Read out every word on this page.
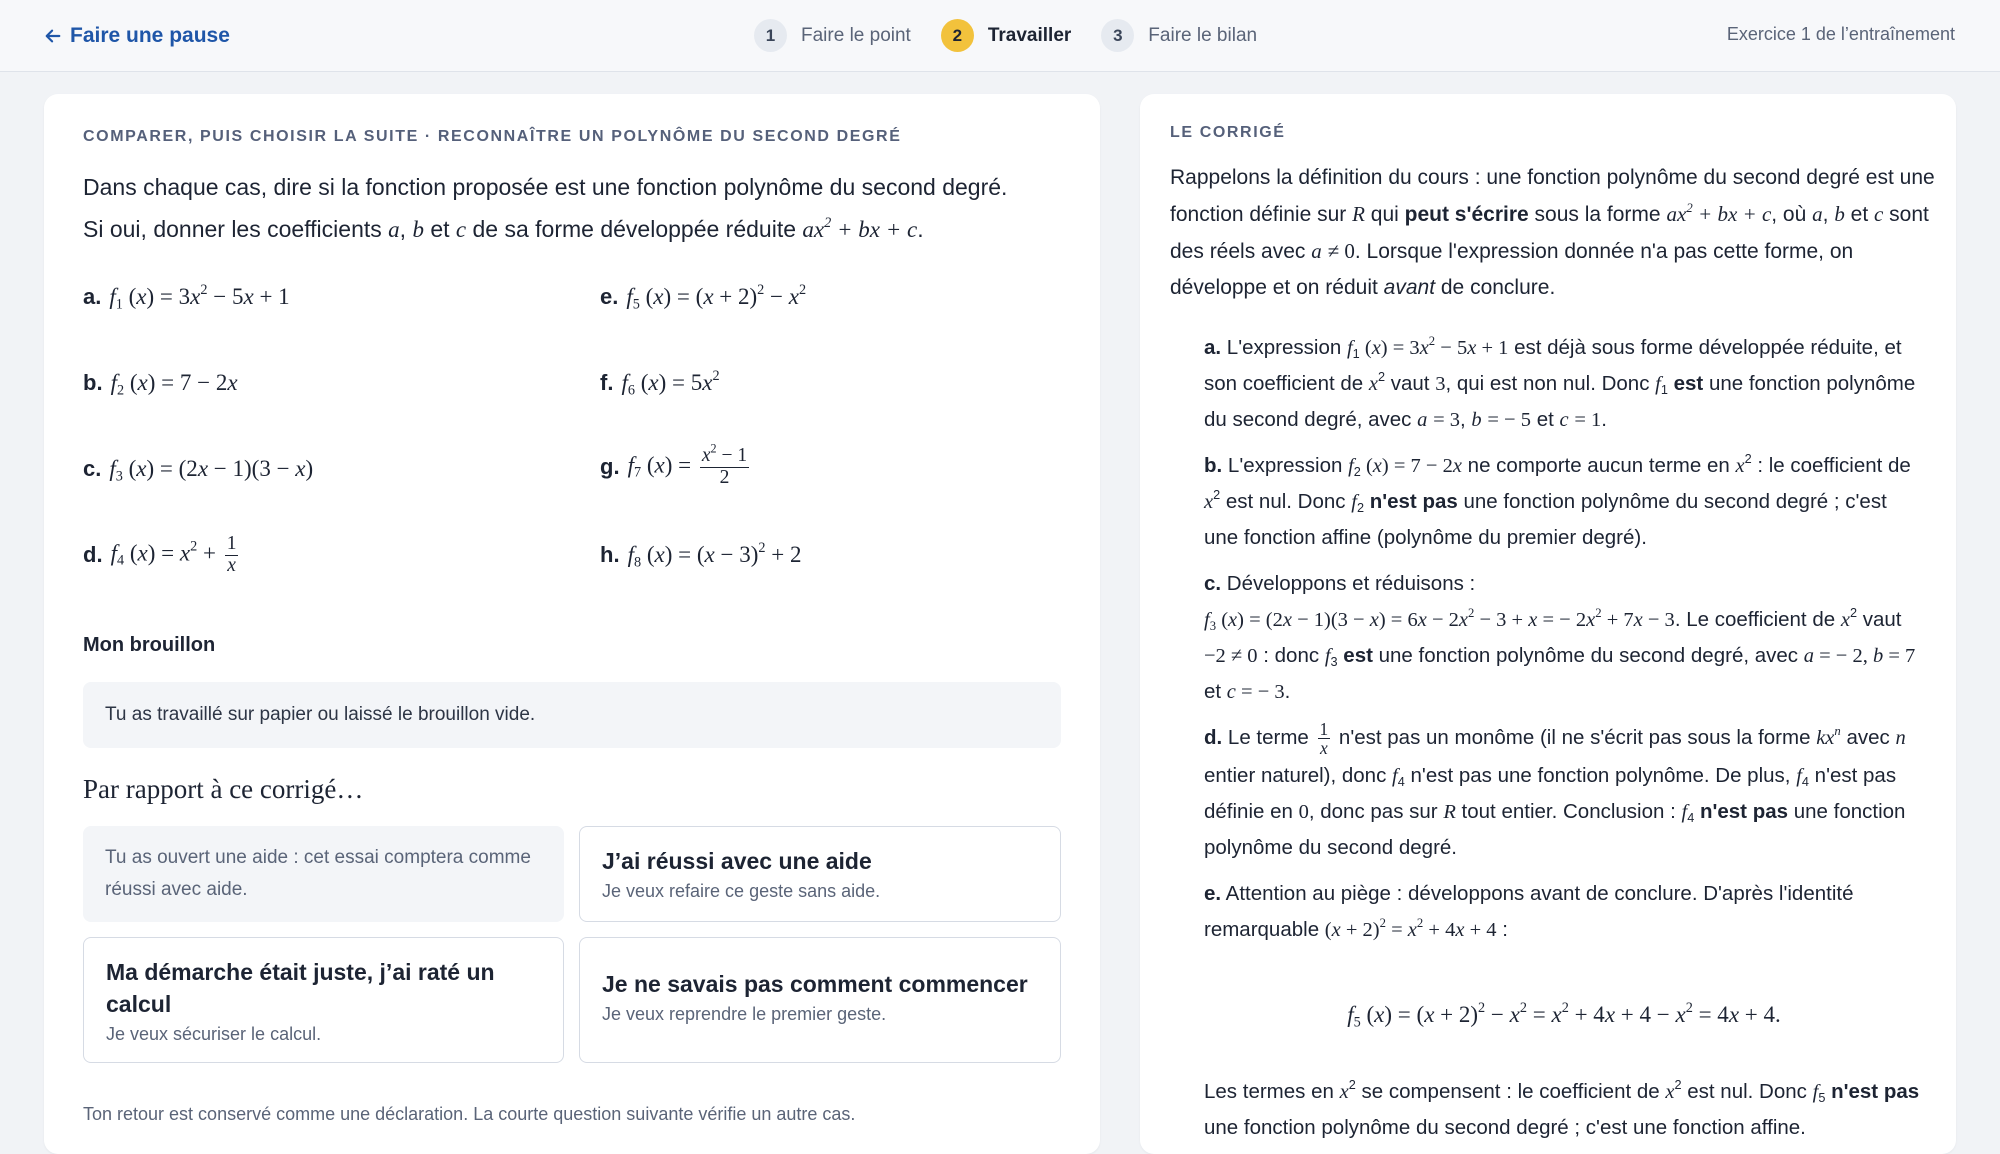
Faire une pause	1	Faire le point	2	Travailler	3	Faire le bilan	Exercice 1 de l’entraînement
COMPARER, PUIS CHOISIR LA SUITE · RECONNAÎTRE UN POLYNÔME DU SECOND DEGRÉ
Dans chaque cas, dire si la fonction proposée est une fonction polynôme du second degré.
Si oui, donner les coefficients a, b et c de sa forme développée réduite $ax^2$ + bx + c.
a. $f_1$ $(x) = 3x^2 - 5x + 1$
b. $f_2$ (x) = 7 − 2x
c. $f_3$ (x) = (2x − 1)(3 − x)
d. $f_4$ $(x) = x^2 + \frac{1}{x}$
e. $f_5$ $(x) = (x + 2)^2 - x^2$
f. $f_6$ $(x) = 5x^2$
g. $f_7$ $(x) = \frac{x^2 - 1}{2}$
h. $f_8$ $(x) = (x - 3)^2 + 2$
Mon brouillon
Tu as travaillé sur papier ou laissé le brouillon vide.
Par rapport à ce corrigé…
Tu as ouvert une aide : cet essai comptera comme réussi avec aide.
J’ai réussi avec une aide
Je veux refaire ce geste sans aide.
Ma démarche était juste, j’ai raté un calcul
Je veux sécuriser le calcul.
Je ne savais pas comment commencer
Je veux reprendre le premier geste.
Ton retour est conservé comme une déclaration. La courte question suivante vérifie un autre cas.
LE CORRIGÉ
Rappelons la définition du cours : une fonction polynôme du second degré est une fonction définie sur R qui peut s'écrire sous la forme $ax^2$ + bx + c, où a, b et c sont des réels avec a ≠ 0. Lorsque l'expression donnée n'a pas cette forme, on développe et on réduit avant de conclure.
a. L'expression $f_1$ $(x) = 3x^2 - 5x + 1$ est déjà sous forme développée réduite, et son coefficient de $x^2$ vaut 3, qui est non nul. Donc $f_1$ est une fonction polynôme du second degré, avec a = 3, b = − 5 et c = 1.
b. L'expression $f_2$ (x) = 7 − 2x ne comporte aucun terme en $x^2$ : le coefficient de $x^2$ est nul. Donc $f_2$ n'est pas une fonction polynôme du second degré ; c'est une fonction affine (polynôme du premier degré).
c. Développons et réduisons :
$f_3$ $(x) = (2x - 1)(3 - x) = 6x - 2x^2 - 3 + x$ = − $2x^2 + 7x - 3$. Le coefficient de $x^2$ vaut −2 ≠ 0 : donc $f_3$ est une fonction polynôme du second degré, avec a = − 2, b = 7 et c = − 3.
d. Le terme $\frac{1}{x} n'est$ pas un monôme (il ne s'écrit pas sous la forme $kx^n$ avec n entier naturel), donc $f_4$ n'est pas une fonction polynôme. De plus, $f_4$ n'est pas définie en 0, donc pas sur R tout entier. Conclusion : $f_4$ n'est pas une fonction polynôme du second degré.
e. Attention au piège : développons avant de conclure. D'après l'identité remarquable $(x + 2)^2 = x^2 + 4x + 4$ :
$f_5$ $(x) = (x + 2)^2 - x^2 = x^2 + 4x + 4 - x^2 = 4x + 4$.
Les termes en $x^2$ se compensent : le coefficient de $x^2$ est nul. Donc $f_5$ n'est pas une fonction polynôme du second degré ; c'est une fonction affine.
